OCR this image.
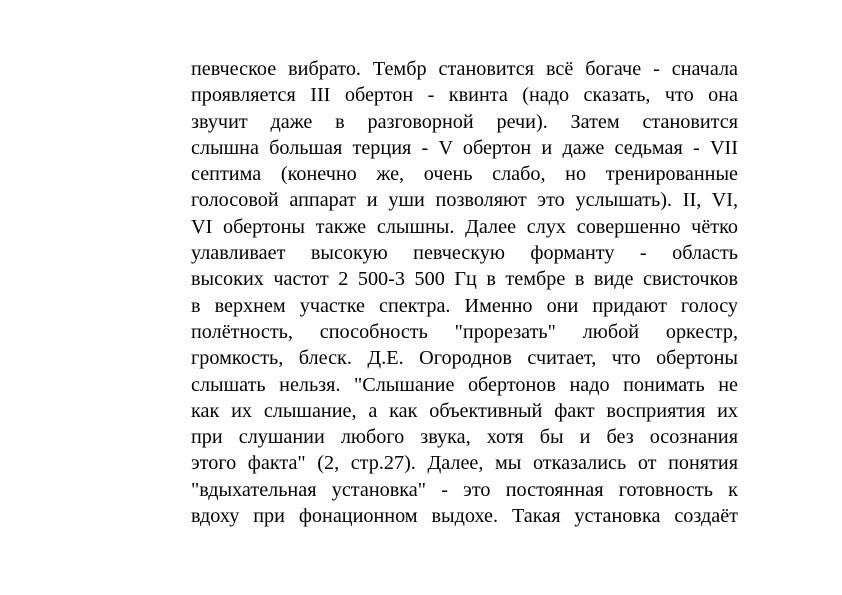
певческое вибрато. Тембр становится всё богаче - сначала
проявляется III обертон - квинта (надо сказать, что она
звучит даже в разговорной речи). Затем становится
слышна большая терция - V обертон и даже седьмая - VII
септима (конечно же, очень слабо, но тренированные
голосовой аппарат и уши позволяют это услышать). II, VI,
VI обертоны также слышны. Далее слух совершенно чётко
улавливает высокую певческую форманту - область
высоких частот 2 500-3 500 Гц в тембре в виде свисточков
в верхнем участке спектра. Именно они придают голосу
полётность, способность "прорезать" любой оркестр,
громкость, блеск. Д.Е. Огороднов считает, что обертоны
слышать нельзя. "Слышание обертонов надо понимать не
как их слышание, а как объективный факт восприятия их
при слушании любого звука, хотя бы и без осознания
этого факта" (2, стр.27). Далее, мы отказались от понятия
"вдыхательная установка" - это постоянная готовность к
вдоху при фонационном выдохе. Такая установка создаёт
